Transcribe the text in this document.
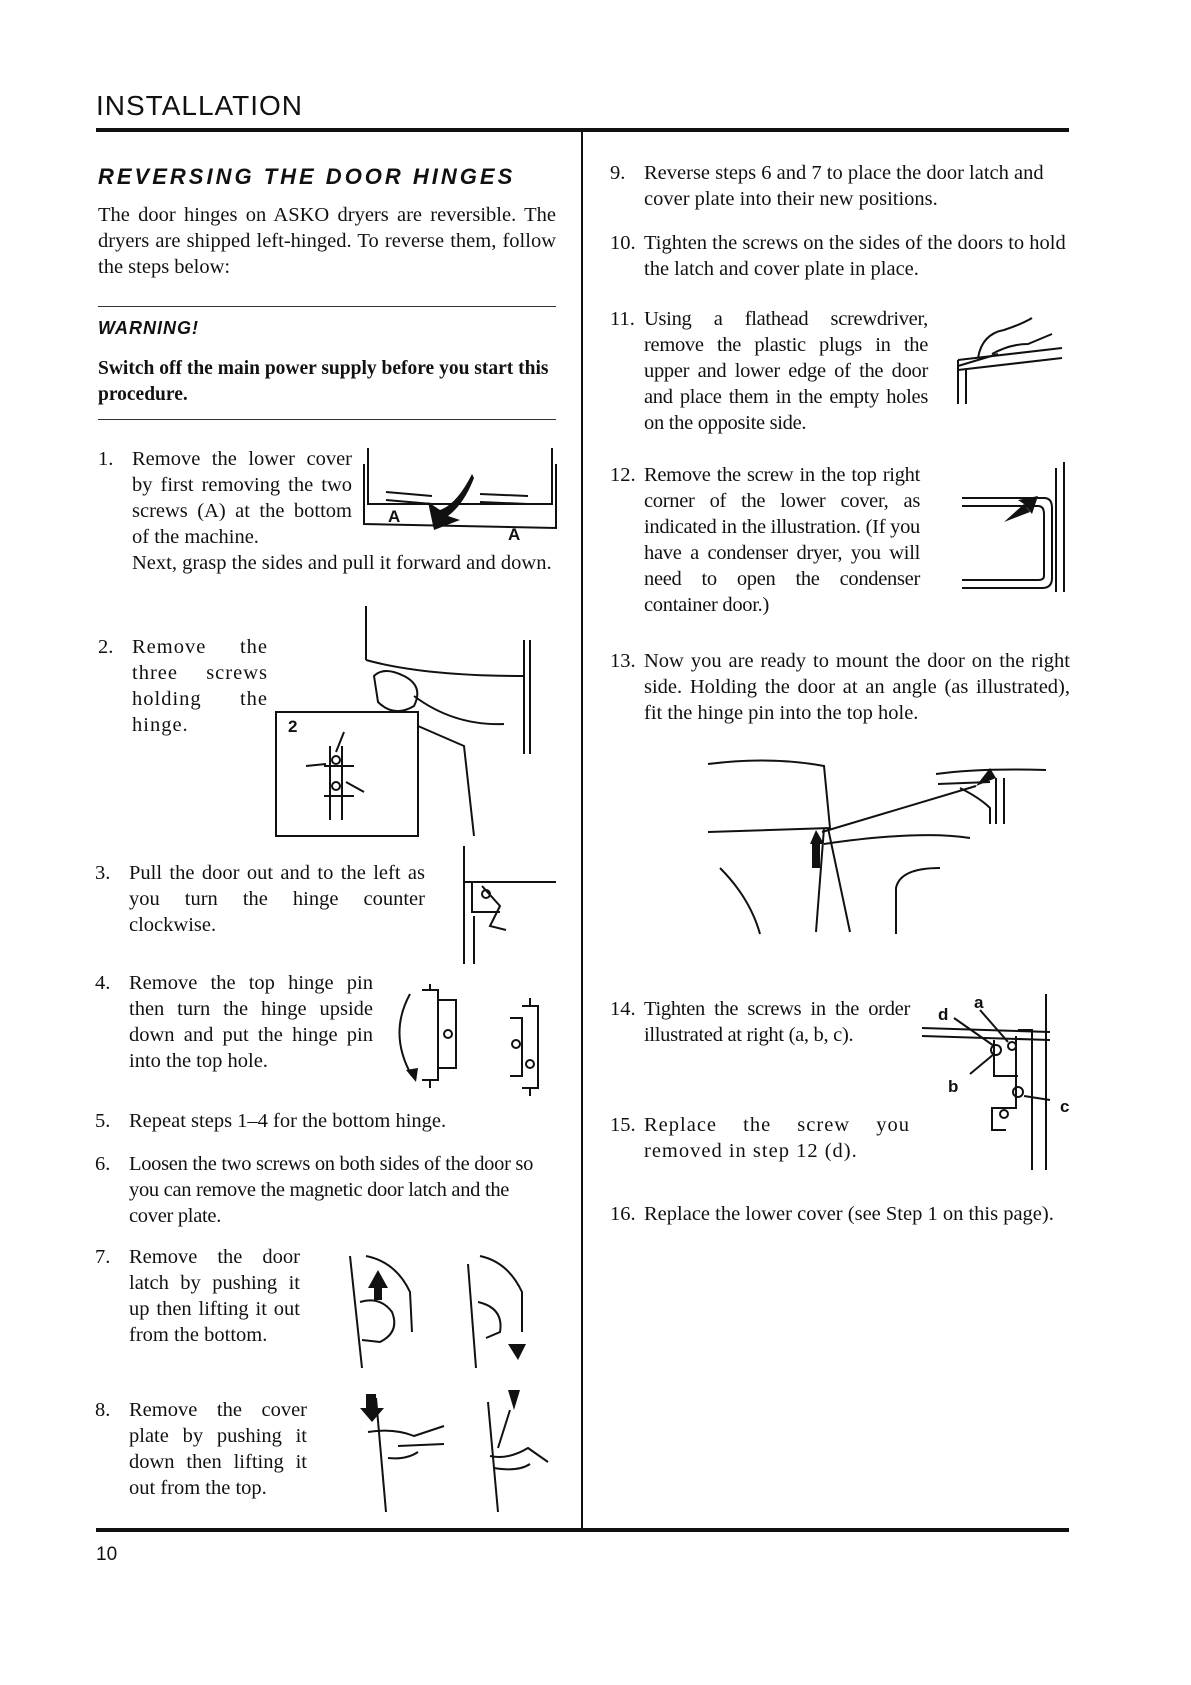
INSTALLATION
10
REVERSING THE DOOR HINGES
The door hinges on ASKO dryers are reversible. The dryers are shipped left-hinged. To reverse them, follow the steps below:
WARNING!
Switch off the main power supply before you start this procedure.
1. Remove the lower cover by first removing the two screws (A) at the bottom of the machine.
Next, grasp the sides and pull it forward and down.
A
A
2. Remove the three screws holding the hinge.	2
3. Pull the door out and to the left as you turn the hinge counter clockwise.
4. Remove the top hinge pin then turn the hinge upside down and put the hinge pin into the top hole.
5. Repeat steps 1–4 for the bottom hinge.
6. Loosen the two screws on both sides of the door so you can remove the magnetic door latch and the cover plate.
7. Remove the door latch by pushing it up then lifting it out from the bottom.
8. Remove the cover plate by pushing it down then lifting it out from the top.
9. Reverse steps 6 and 7 to place the door latch and cover plate into their new positions.
10. Tighten the screws on the sides of the doors to hold the latch and cover plate in place.
11. Using a flathead screwdriver, remove the plastic plugs in the upper and lower edge of the door and place them in the empty holes on the opposite side.
12. Remove the screw in the top right corner of the lower cover, as indicated in the illustration. (If you have a condenser dryer, you will need to open the condenser container door.)
13. Now you are ready to mount the door on the right side. Holding the door at an angle (as illustrated), fit the hinge pin into the top hole.
14. Tighten the screws in the order illustrated at right (a, b, c).
15. Replace the screw you removed in step 12 (d).
d
a
b
c
16. Replace the lower cover (see Step 1 on this page).
